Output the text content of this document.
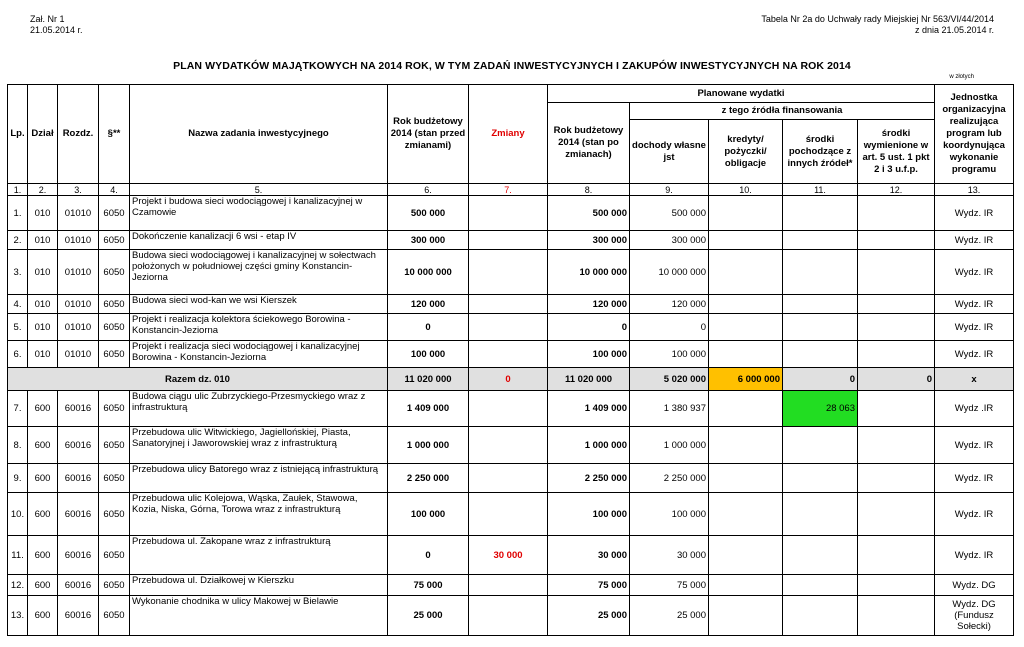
Zał. Nr 1
21.05.2014 r.
Tabela Nr 2a do Uchwały rady Miejskiej Nr 563/VI/44/2014
z dnia 21.05.2014 r.
PLAN WYDATKÓW MAJĄTKOWYCH NA 2014 ROK, W TYM ZADAŃ INWESTYCYJNYCH I ZAKUPÓW INWESTYCYJNYCH NA ROK 2014
w złotych
Lp.	Dział	Rozdz.	§**	Nazwa zadania inwestycyjnego	Rok budżetowy 2014 (stan przed zmianami)	Zmiany	Planowane wydatki					Jednostka organizacyjna realizująca program lub koordynująca wykonanie programu
							Rok budżetowy 2014 (stan po zmianach)	z tego źródła finansowania				
								dochody własne jst	kredyty/ pożyczki/ obligacje	środki pochodzące z innych źródeł*	środki wymienione w art. 5 ust. 1 pkt 2 i 3 u.f.p.	
1.	2.	3.	4.	5.	6.	7.	8.	9.	10.	11.	12.	13.
1.	010	01010	6050	Projekt i budowa sieci wodociągowej i kanalizacyjnej w Czamowie	500 000		500 000	500 000				Wydz. IR
2.	010	01010	6050	Dokończenie kanalizacji 6 wsi - etap IV	300 000		300 000	300 000				Wydz. IR
3.	010	01010	6050	Budowa sieci wodociągowej i kanalizacyjnej w sołectwach położonych w południowej części gminy Konstancin-Jeziorna	10 000 000		10 000 000	10 000 000				Wydz. IR
4.	010	01010	6050	Budowa sieci wod-kan we wsi Kierszek	120 000		120 000	120 000				Wydz. IR
5.	010	01010	6050	Projekt i realizacja kolektora ściekowego Borowina - Konstancin-Jeziorna	0		0	0				Wydz. IR
6.	010	01010	6050	Projekt i realizacja sieci wodociągowej i kanalizacyjnej Borowina - Konstancin-Jeziorna	100 000		100 000	100 000				Wydz. IR
Razem dz. 010					11 020 000	0	11 020 000	5 020 000	6 000 000	0	0	x
7.	600	60016	6050	Budowa ciągu ulic Zubrzyckiego-Przesmyckiego wraz z infrastrukturą	1 409 000		1 409 000	1 380 937		28 063		Wydz .IR
8.	600	60016	6050	Przebudowa ulic Witwickiego, Jagiellońskiej, Piasta, Sanatoryjnej i Jaworowskiej wraz z infrastrukturą	1 000 000		1 000 000	1 000 000				Wydz. IR
9.	600	60016	6050	Przebudowa ulicy Batorego wraz z istniejącą infrastrukturą	2 250 000		2 250 000	2 250 000				Wydz. IR
10.	600	60016	6050	Przebudowa ulic Kolejowa, Wąska, Zaułek, Stawowa, Kozia, Niska, Górna, Torowa wraz z infrastrukturą	100 000		100 000	100 000				Wydz. IR
11.	600	60016	6050	Przebudowa ul. Zakopane wraz z infrastrukturą	0	30 000	30 000	30 000				Wydz. IR
12.	600	60016	6050	Przebudowa ul. Działkowej w Kierszku	75 000		75 000	75 000				Wydz. DG
13.	600	60016	6050	Wykonanie chodnika w ulicy Makowej w Bielawie	25 000		25 000	25 000				Wydz. DG (Fundusz Sołecki)
